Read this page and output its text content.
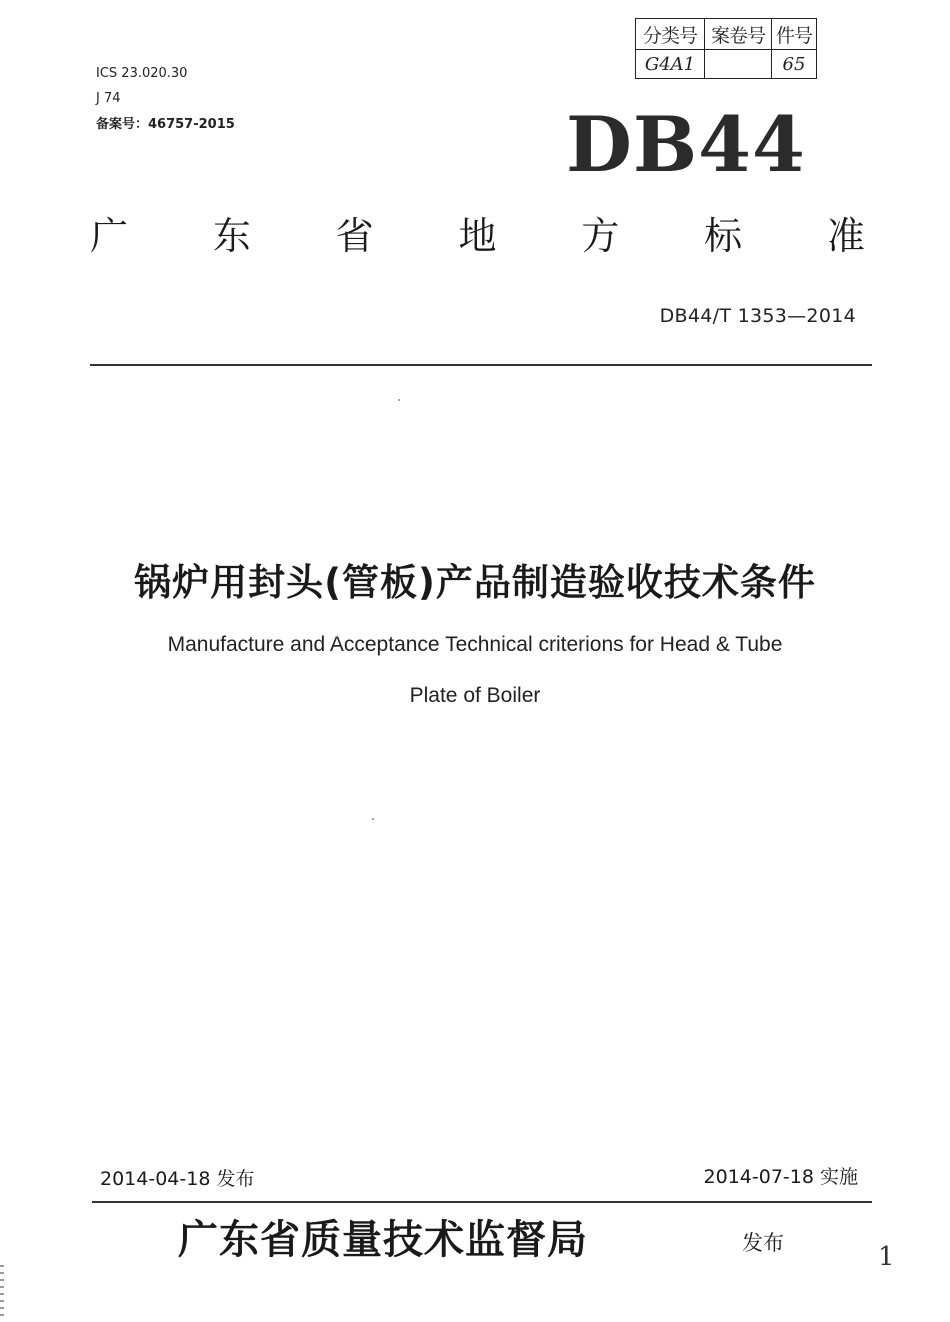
ICS 23.020.30
J 74
备案号：46757-2015
分类号	案卷号	件号
G4A1		65
DB44
广 东 省 地 方 标 准
DB44/T 1353—2014
锅炉用封头(管板)产品制造验收技术条件
Manufacture and Acceptance Technical criterions for Head & Tube
Plate of Boiler
2014-04-18 发布	2014-07-18 实施
广东省质量技术监督局	发布	1
